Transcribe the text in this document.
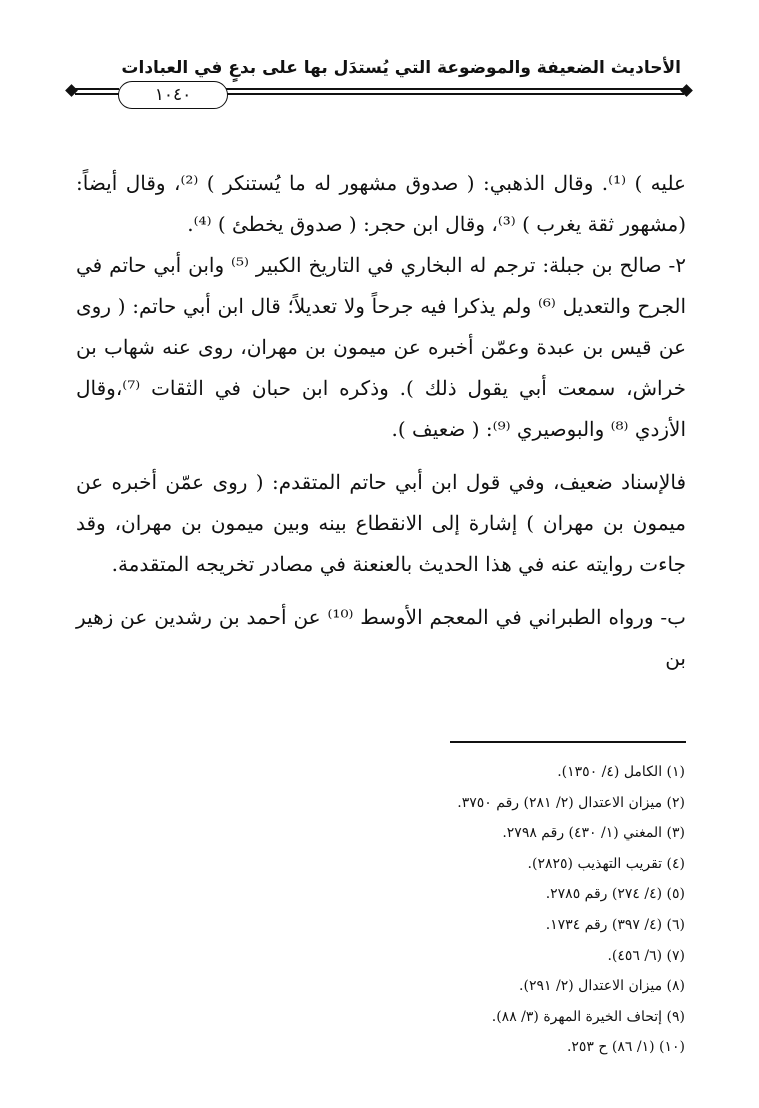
الأحاديث الضعيفة والموضوعة التي يُستدَل بها على بدعٍ في العبادات
١٠٤٠

عليه ) ⁽¹⁾. وقال الذهبي: ( صدوق مشهور له ما يُستنكر ) ⁽²⁾، وقال أيضاً: (مشهور ثقة يغرب ) ⁽³⁾، وقال ابن حجر: ( صدوق يخطئ ) ⁽⁴⁾.

٢- صالح بن جبلة: ترجم له البخاري في التاريخ الكبير ⁽⁵⁾ وابن أبي حاتم في الجرح والتعديل ⁽⁶⁾ ولم يذكرا فيه جرحاً ولا تعديلاً؛ قال ابن أبي حاتم: ( روى عن قيس بن عبدة وعمّن أخبره عن ميمون بن مهران، روى عنه شهاب بن خراش، سمعت أبي يقول ذلك ). وذكره ابن حبان في الثقات ⁽⁷⁾،وقال الأزدي ⁽⁸⁾ والبوصيري ⁽⁹⁾: ( ضعيف ).

فالإسناد ضعيف، وفي قول ابن أبي حاتم المتقدم: ( روى عمّن أخبره عن ميمون بن مهران ) إشارة إلى الانقطاع بينه وبين ميمون بن مهران، وقد جاءت روايته عنه في هذا الحديث بالعنعنة في مصادر تخريجه المتقدمة.

ب- ورواه الطبراني في المعجم الأوسط ⁽¹⁰⁾ عن أحمد بن رشدين عن زهير بن

(١) الكامل (٤/ ١٣٥٠).

(٢) ميزان الاعتدال (٢/ ٢٨١) رقم ٣٧٥٠.

(٣) المغني (١/ ٤٣٠) رقم ٢٧٩٨.

(٤) تقريب التهذيب (٢٨٢٥).

(٥) (٤/ ٢٧٤) رقم ٢٧٨٥.

(٦) (٤/ ٣٩٧) رقم ١٧٣٤.

(٧) (٦/ ٤٥٦).

(٨) ميزان الاعتدال (٢/ ٢٩١).

(٩) إتحاف الخيرة المهرة (٣/ ٨٨).

(١٠) (١/ ٨٦) ح ٢٥٣.
